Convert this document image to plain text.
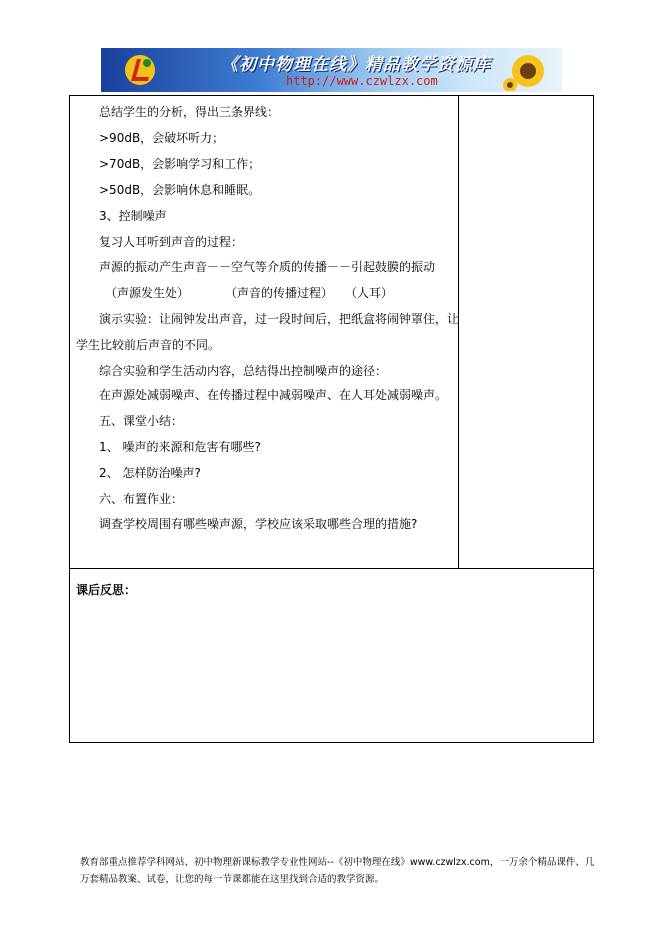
《初中物理在线》精品教学资源库
http://www.czwlzx.com
总结学生的分析，得出三条界线：
>90dB，会破坏听力；
>70dB，会影响学习和工作；
>50dB，会影响休息和睡眠。
3、控制噪声
复习人耳听到声音的过程：
声源的振动产生声音－－空气等介质的传播－－引起鼓膜的振动
（声源发生处）　　　　（声音的传播过程）　　（人耳）
演示实验：让闹钟发出声音，过一段时间后，把纸盒将闹钟罩住，让
学生比较前后声音的不同。
综合实验和学生活动内容，总结得出控制噪声的途径：
在声源处减弱噪声、在传播过程中减弱噪声、在人耳处减弱噪声。
五、课堂小结：
1、 噪声的来源和危害有哪些?
2、 怎样防治噪声?
六、布置作业：
调查学校周围有哪些噪声源，学校应该采取哪些合理的措施?
课后反思：
教育部重点推荐学科网站、初中物理新课标教学专业性网站--《初中物理在线》www.czwlzx.com，一万余个精品课件、几万套精品教案、试卷，让您的每一节课都能在这里找到合适的教学资源。
